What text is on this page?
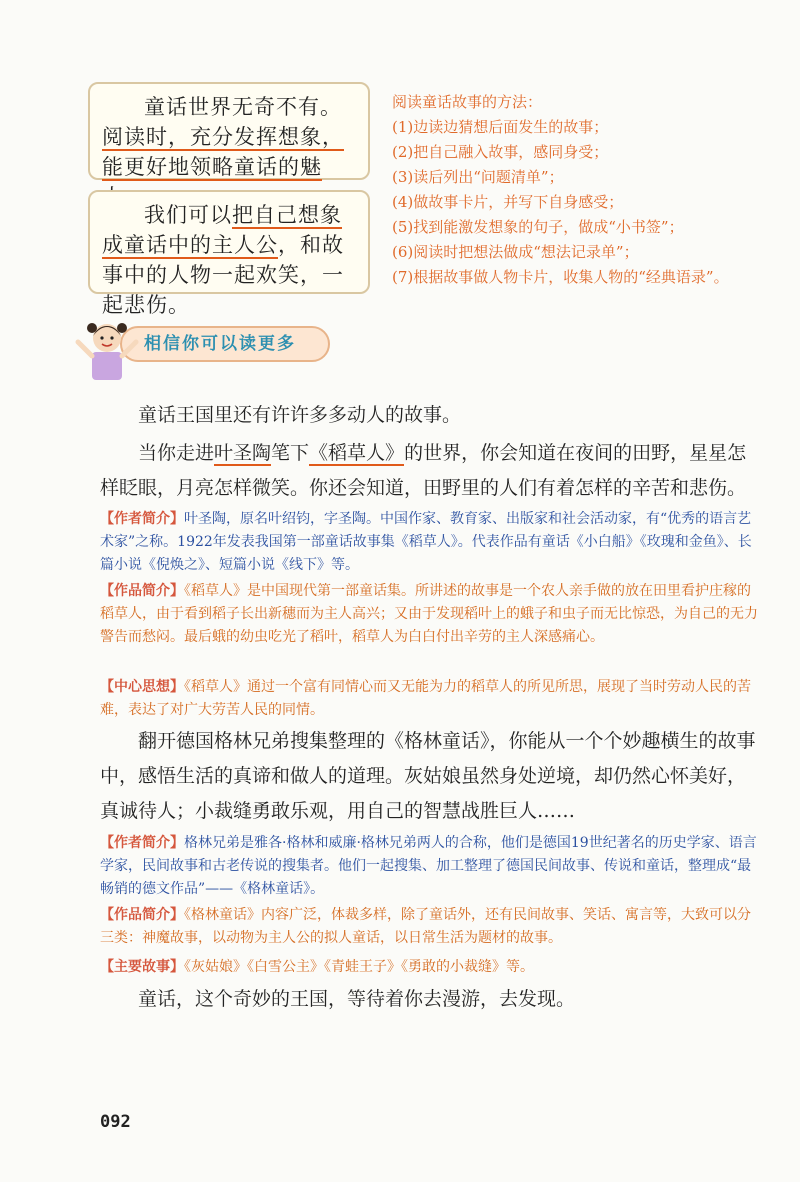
童话世界无奇不有。阅读时，充分发挥想象，能更好地领略童话的魅

我们可以把自己想象成童话中的主人公，和故事中的人物一起欢笑，一起悲伤。

阅读童话故事的方法：
(1)边读边猜想后面发生的故事；
(2)把自己融入故事，感同身受；
(3)读后列出“问题清单”；
(4)做故事卡片，并写下自身感受；
(5)找到能激发想象的句子，做成“小书签”；
(6)阅读时把想法做成“想法记录单”；
(7)根据故事做人物卡片，收集人物的“经典语录”。
相信你可以读更多

童话王国里还有许许多多动人的故事。

当你走进叶圣陶笔下《稻草人》的世界，你会知道在夜间的田野，星星怎样眨眼，月亮怎样微笑。你还会知道，田野里的人们有着怎样的辛苦和悲伤。

【作者简介】叶圣陶，原名叶绍钧，字圣陶。中国作家、教育家、出版家和社会活动家，有“优秀的语言艺术家”之称。1922年发表我国第一部童话故事集《稻草人》。代表作品有童话《小白船》《玫瑰和金鱼》、长篇小说《倪焕之》、短篇小说《线下》等。

【作品简介】《稻草人》是中国现代第一部童话集。所讲述的故事是一个农人亲手做的放在田里看护庄稼的稻草人，由于看到稻子长出新穗而为主人高兴；又由于发现稻叶上的蛾子和虫子而无比惊恐，为自己的无力警告而愁闷。最后蛾的幼虫吃光了稻叶，稻草人为白白付出辛劳的主人深感痛心。

【中心思想】《稻草人》通过一个富有同情心而又无能为力的稻草人的所见所思，展现了当时劳动人民的苦难，表达了对广大劳苦人民的同情。

翻开德国格林兄弟搜集整理的《格林童话》，你能从一个个妙趣横生的故事中，感悟生活的真谛和做人的道理。灰姑娘虽然身处逆境，却仍然心怀美好，真诚待人；小裁缝勇敢乐观，用自己的智慧战胜巨人……

【作者简介】格林兄弟是雅各·格林和威廉·格林兄弟两人的合称，他们是德国19世纪著名的历史学家、语言学家，民间故事和古老传说的搜集者。他们一起搜集、加工整理了德国民间故事、传说和童话，整理成“最畅销的德文作品”——《格林童话》。

【作品简介】《格林童话》内容广泛，体裁多样，除了童话外，还有民间故事、笑话、寓言等，大致可以分三类：神魔故事，以动物为主人公的拟人童话，以日常生活为题材的故事。

【主要故事】《灰姑娘》《白雪公主》《青蛙王子》《勇敢的小裁缝》等。

童话，这个奇妙的王国，等待着你去漫游，去发现。

092
